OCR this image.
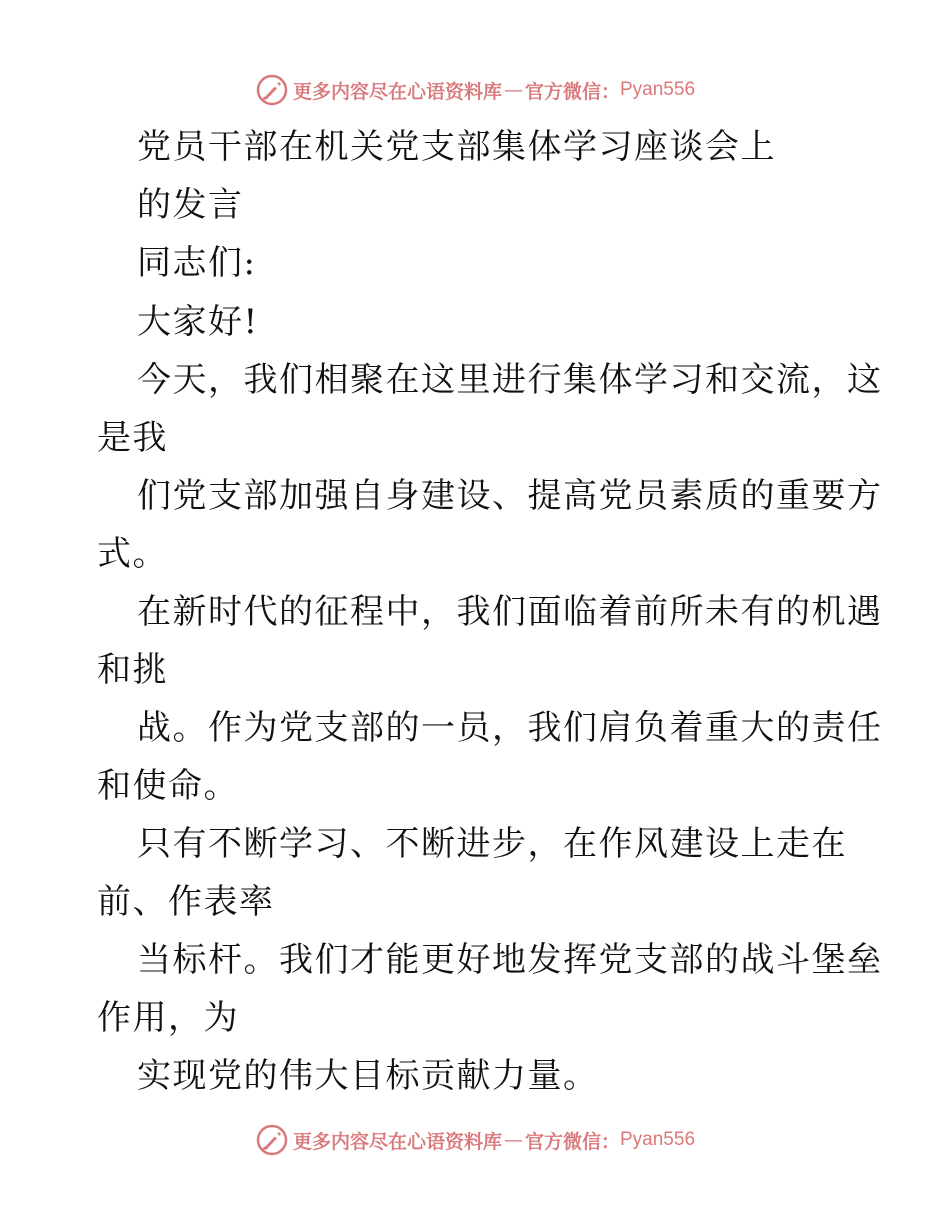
更多内容尽在心语资料库 — 官方微信： Pyan556
党员干部在机关党支部集体学习座谈会上
的发言
同志们:
大家好!
今天，我们相聚在这里进行集体学习和交流，这
是我
们党支部加强自身建设、提高党员素质的重要方
式。
在新时代的征程中，我们面临着前所未有的机遇
和挑
战。作为党支部的一员，我们肩负着重大的责任
和使命。
只有不断学习、不断进步，在作风建设上走在
前、作表率
当标杆。我们才能更好地发挥党支部的战斗堡垒
作用，为
实现党的伟大目标贡献力量。
更多内容尽在心语资料库 — 官方微信： Pyan556
